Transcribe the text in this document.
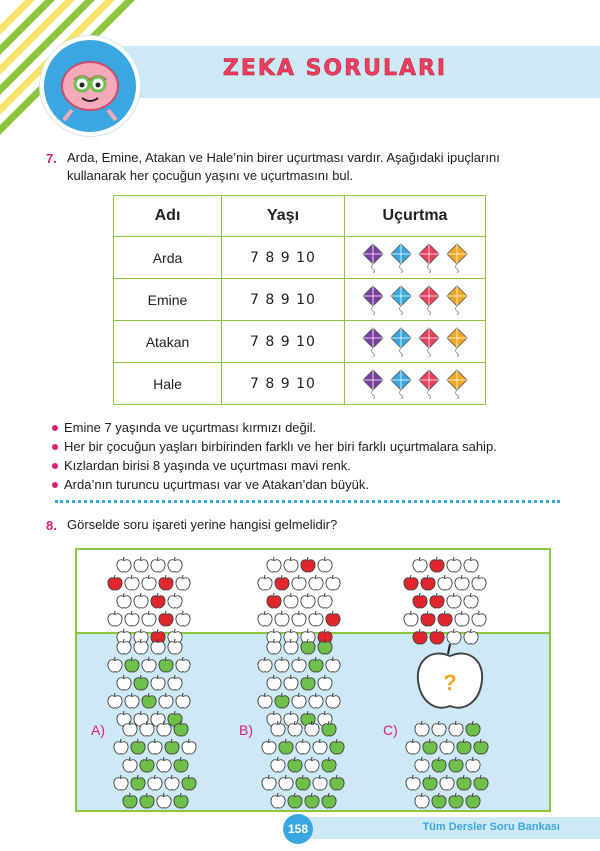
ZEKA SORULARI
7. Arda, Emine, Atakan ve Hale’nin birer uçurtması vardır. Aşağıdaki ipuçlarını
kullanarak her çocuğun yaşını ve uçurtmasını bul.
Adı	Yaşı	Uçurtma
Arda	7 8 9 10	

Emine	7 8 9 10	

Atakan	7 8 9 10	

Hale	7 8 9 10	
Emine 7 yaşında ve uçurtması kırmızı değil.
Her bir çocuğun yaşları birbirinden farklı ve her biri farklı uçurtmalara sahip.
Kızlardan birisi 8 yaşında ve uçurtması mavi renk.
Arda’nın turuncu uçurtması var ve Atakan’dan büyük.
8. Görselde soru işareti yerine hangisi gelmelidir?
A)	B)	C)
?
Tüm Dersler Soru Bankası
158
